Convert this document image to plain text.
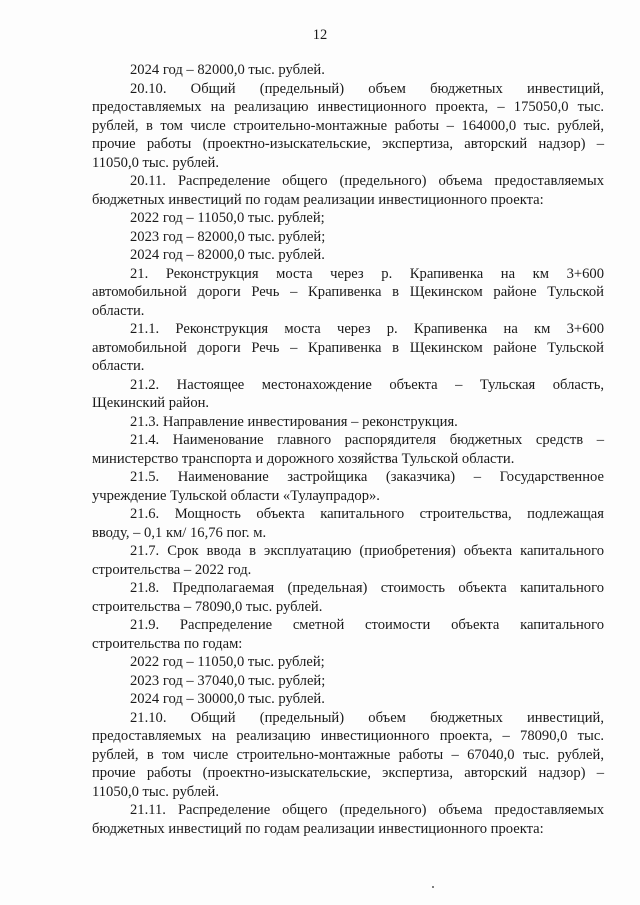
12
2024 год – 82000,0 тыс. рублей.
20.10. Общий (предельный) объем бюджетных инвестиций,
предоставляемых на реализацию инвестиционного проекта, – 175050,0 тыс.
рублей, в том числе строительно-монтажные работы – 164000,0 тыс. рублей,
прочие работы (проектно-изыскательские, экспертиза, авторский надзор) –
11050,0 тыс. рублей.
20.11. Распределение общего (предельного) объема предоставляемых
бюджетных инвестиций по годам реализации инвестиционного проекта:
2022 год – 11050,0 тыс. рублей;
2023 год – 82000,0 тыс. рублей;
2024 год – 82000,0 тыс. рублей.
21. Реконструкция моста через р. Крапивенка на км 3+600
автомобильной дороги Речь – Крапивенка в Щекинском районе Тульской
области.
21.1. Реконструкция моста через р. Крапивенка на км 3+600
автомобильной дороги Речь – Крапивенка в Щекинском районе Тульской
области.
21.2. Настоящее местонахождение объекта – Тульская область,
Щекинский район.
21.3. Направление инвестирования – реконструкция.
21.4. Наименование главного распорядителя бюджетных средств –
министерство транспорта и дорожного хозяйства Тульской области.
21.5. Наименование застройщика (заказчика) – Государственное
учреждение Тульской области «Тулаупрадор».
21.6. Мощность объекта капитального строительства, подлежащая
вводу, – 0,1 км/ 16,76 пог. м.
21.7. Срок ввода в эксплуатацию (приобретения) объекта капитального
строительства – 2022 год.
21.8. Предполагаемая (предельная) стоимость объекта капитального
строительства – 78090,0 тыс. рублей.
21.9. Распределение сметной стоимости объекта капитального
строительства по годам:
2022 год – 11050,0 тыс. рублей;
2023 год – 37040,0 тыс. рублей;
2024 год – 30000,0 тыс. рублей.
21.10. Общий (предельный) объем бюджетных инвестиций,
предоставляемых на реализацию инвестиционного проекта, – 78090,0 тыс.
рублей, в том числе строительно-монтажные работы – 67040,0 тыс. рублей,
прочие работы (проектно-изыскательские, экспертиза, авторский надзор) –
11050,0 тыс. рублей.
21.11. Распределение общего (предельного) объема предоставляемых
бюджетных инвестиций по годам реализации инвестиционного проекта:
